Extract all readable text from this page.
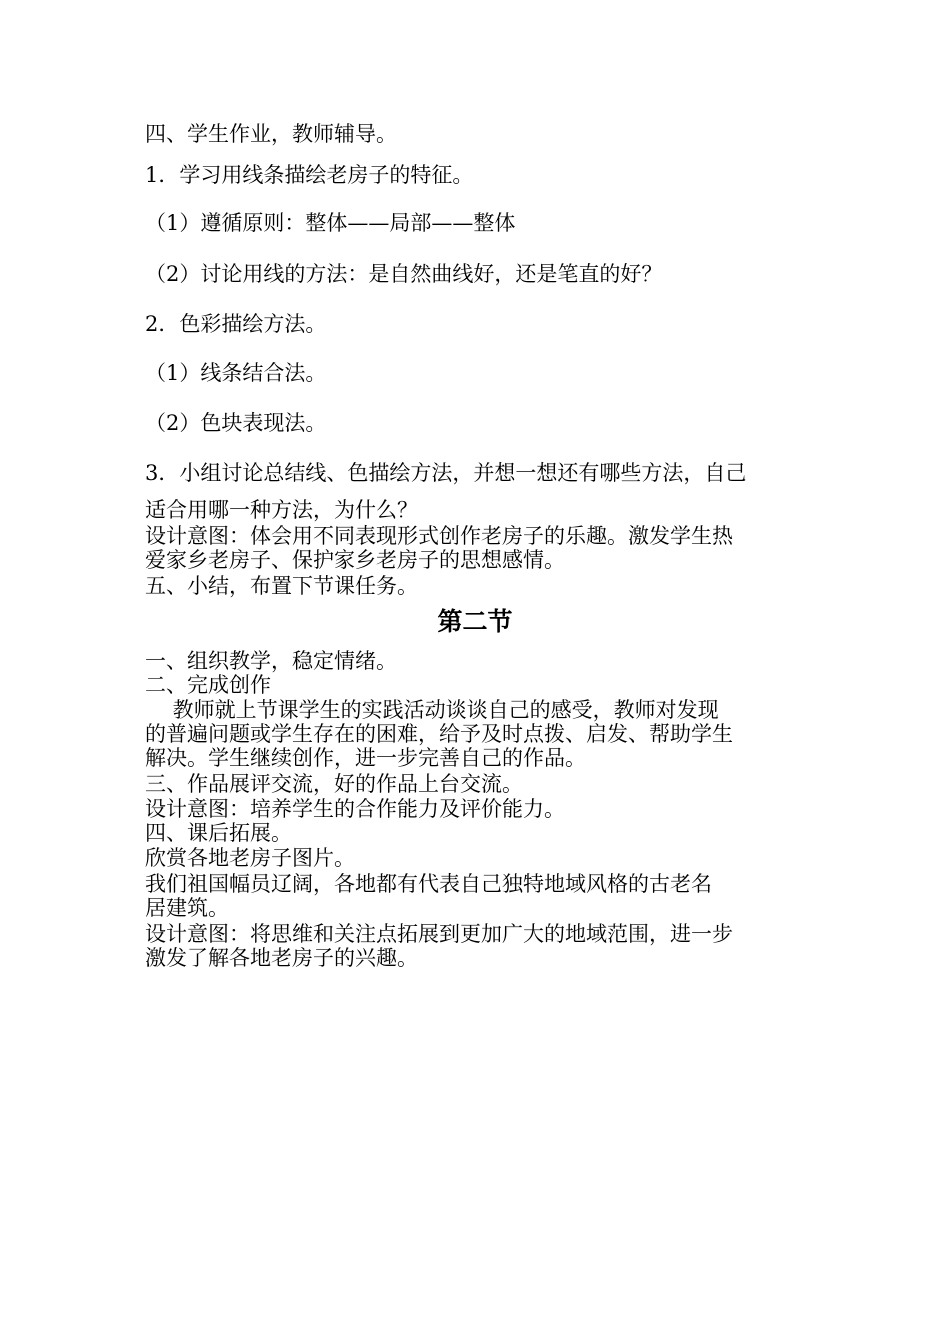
四、学生作业，教师辅导。
1．学习用线条描绘老房子的特征。
（1）遵循原则：整体——局部——整体
（2）讨论用线的方法：是自然曲线好，还是笔直的好？
2．色彩描绘方法。
（1）线条结合法。
（2）色块表现法。
3．小组讨论总结线、色描绘方法，并想一想还有哪些方法，自己
适合用哪一种方法，为什么？
设计意图：体会用不同表现形式创作老房子的乐趣。激发学生热
爱家乡老房子、保护家乡老房子的思想感情。
五、小结，布置下节课任务。
第二节
一、组织教学，稳定情绪。
二、完成创作
　 教师就上节课学生的实践活动谈谈自己的感受，教师对发现
的普遍问题或学生存在的困难，给予及时点拨、启发、帮助学生
解决。学生继续创作，进一步完善自己的作品。
三、作品展评交流，好的作品上台交流。
设计意图：培养学生的合作能力及评价能力。
四、课后拓展。
欣赏各地老房子图片。
我们祖国幅员辽阔，各地都有代表自己独特地域风格的古老名
居建筑。
设计意图：将思维和关注点拓展到更加广大的地域范围，进一步
激发了解各地老房子的兴趣。
